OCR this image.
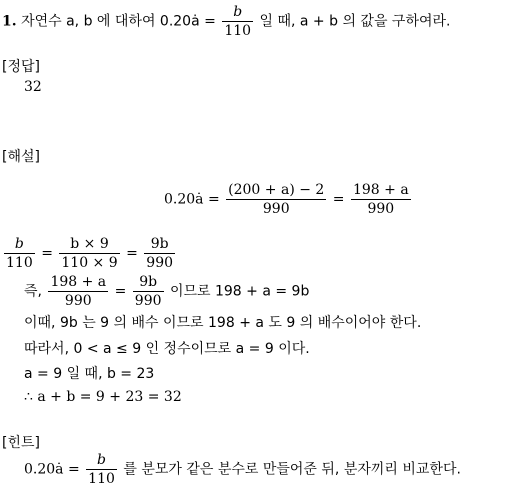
1. 자연수 a, b 에 대하여 0.20ȧ = $\frac{b}{110}$ 일 때, a + b 의 값을 구하여라.
[정답]
32
[해설]
0.20ȧ = $\frac{(200 + a) - 2}{990} = \frac{198 + a}{990}$
$\frac{b}{110} = \frac{b \times 9}{110 \times 9} = \frac{9b}{990}$
즉, $\frac{198 + a}{990} = \frac{9b}{990}$ 이므로 198 + a = 9b
이때, 9b 는 9 의 배수 이므로 198 + a 도 9 의 배수이어야 한다.
따라서, 0 < a ≤ 9 인 정수이므로 a = 9 이다.
a = 9 일 때, b = 23
∴ a + b = 9 + 23 = 32
[힌트]
0.20ȧ = $\frac{b}{110}$ 를 분모가 같은 분수로 만들어준 뒤, 분자끼리 비교한다.
